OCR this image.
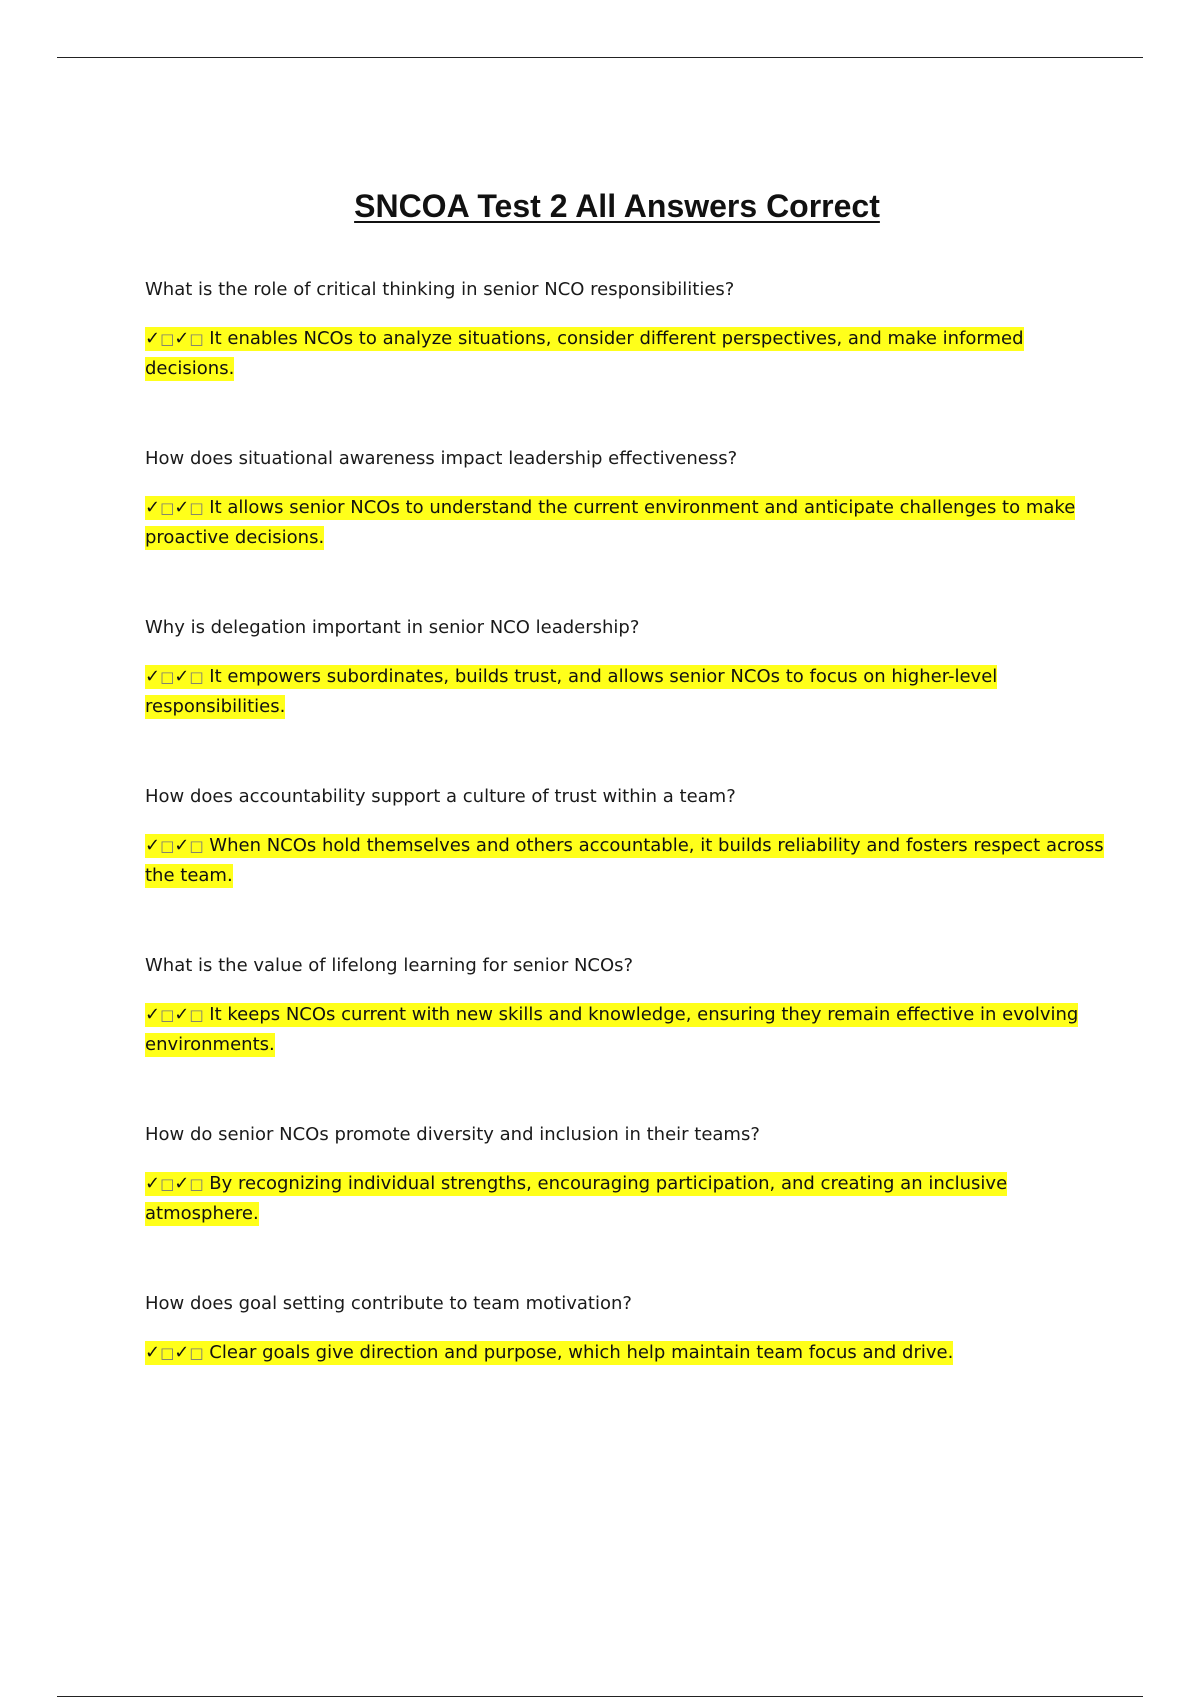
SNCOA Test 2 All Answers Correct

What is the role of critical thinking in senior NCO responsibilities?

✓□✓□ It enables NCOs to analyze situations, consider different perspectives, and make informed decisions.

How does situational awareness impact leadership effectiveness?

✓□✓□ It allows senior NCOs to understand the current environment and anticipate challenges to make proactive decisions.

Why is delegation important in senior NCO leadership?

✓□✓□ It empowers subordinates, builds trust, and allows senior NCOs to focus on higher-level responsibilities.

How does accountability support a culture of trust within a team?

✓□✓□ When NCOs hold themselves and others accountable, it builds reliability and fosters respect across the team.

What is the value of lifelong learning for senior NCOs?

✓□✓□ It keeps NCOs current with new skills and knowledge, ensuring they remain effective in evolving environments.

How do senior NCOs promote diversity and inclusion in their teams?

✓□✓□ By recognizing individual strengths, encouraging participation, and creating an inclusive atmosphere.

How does goal setting contribute to team motivation?

✓□✓□ Clear goals give direction and purpose, which help maintain team focus and drive.
